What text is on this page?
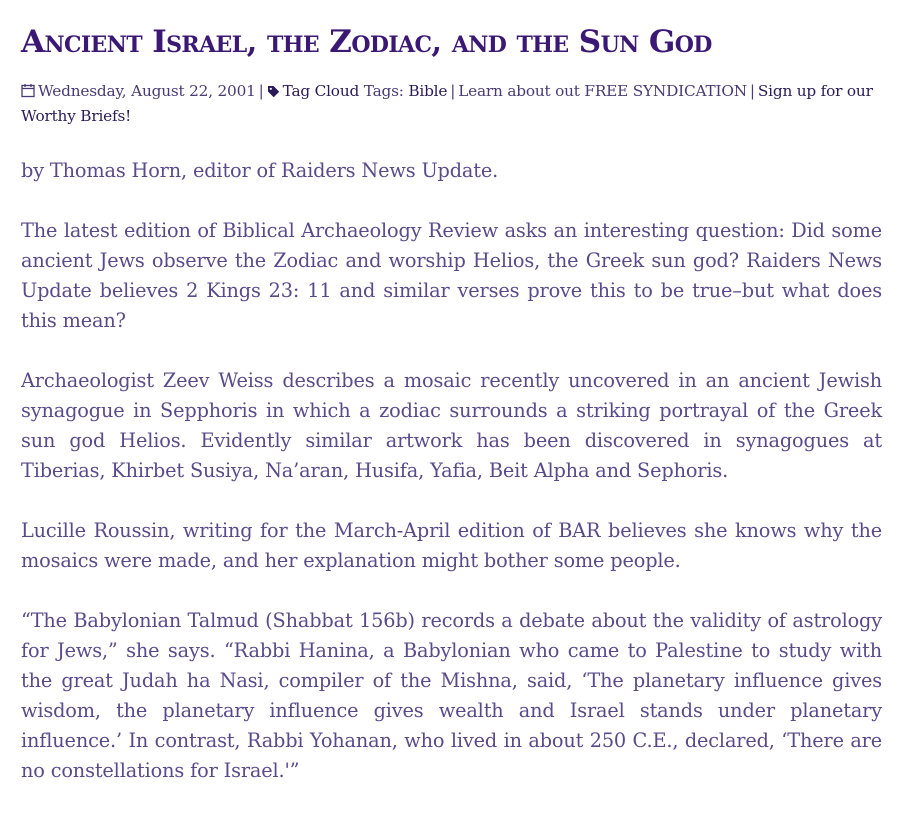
Ancient Israel, the Zodiac, and the Sun God
Wednesday, August 22, 2001 | Tag Cloud Tags: Bible | Learn about out FREE SYNDICATION | Sign up for our Worthy Briefs!

by Thomas Horn, editor of Raiders News Update.

The latest edition of Biblical Archaeology Review asks an interesting question: Did some ancient Jews observe the Zodiac and worship Helios, the Greek sun god? Raiders News Update believes 2 Kings 23: 11 and similar verses prove this to be true–but what does this mean?

Archaeologist Zeev Weiss describes a mosaic recently uncovered in an ancient Jewish synagogue in Sepphoris in which a zodiac surrounds a striking portrayal of the Greek sun god Helios. Evidently similar artwork has been discovered in synagogues at Tiberias, Khirbet Susiya, Na’aran, Husifa, Yafia, Beit Alpha and Sephoris.

Lucille Roussin, writing for the March-April edition of BAR believes she knows why the mosaics were made, and her explanation might bother some people.

“The Babylonian Talmud (Shabbat 156b) records a debate about the validity of astrology for Jews,” she says. “Rabbi Hanina, a Babylonian who came to Palestine to study with the great Judah ha Nasi, compiler of the Mishna, said, ‘The planetary influence gives wisdom, the planetary influence gives wealth and Israel stands under planetary influence.’ In contrast, Rabbi Yohanan, who lived in about 250 C.E., declared, ‘There are no constellations for Israel.'”
